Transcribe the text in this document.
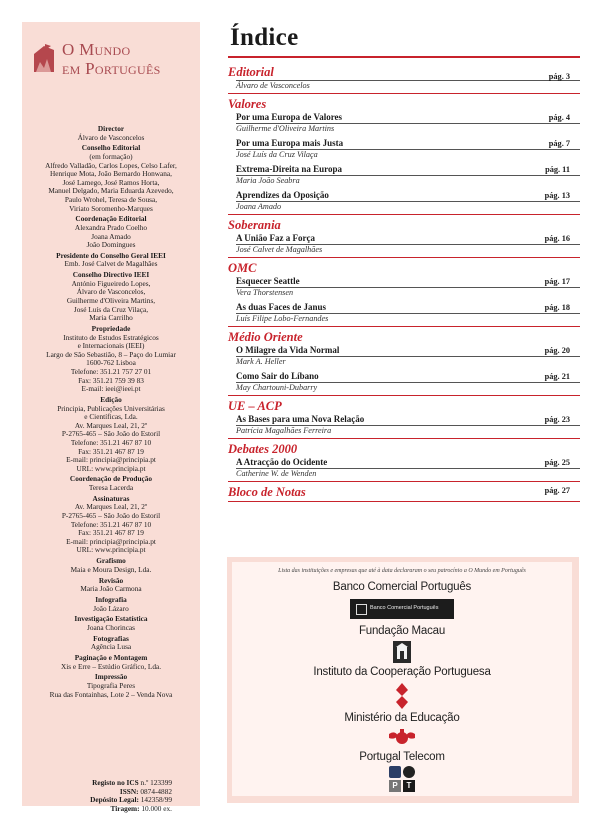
O Mundo
em Português
Director
Álvaro de Vasconcelos
Conselho Editorial
(em formação)
Alfredo Valladão, Carlos Lopes, Celso Lafer,
Henrique Mota, João Bernardo Honwana,
José Lamego, José Ramos Horta,
Manuel Delgado, Maria Eduarda Azevedo,
Paulo Wrohel, Teresa de Sousa,
Viriato Soromenho-Marques
Coordenação Editorial
Alexandra Prado Coelho
Joana Amado
João Domingues
Presidente do Conselho Geral IEEI
Emb. José Calvet de Magalhães
Conselho Directivo IEEI
António Figueiredo Lopes,
Álvaro de Vasconcelos,
Guilherme d'Oliveira Martins,
José Luís da Cruz Vilaça,
Maria Carrilho
Propriedade
Instituto de Estudos Estratégicos
e Internacionais (IEEI)
Largo de São Sebastião, 8 – Paço do Lumiar
1600-762 Lisboa
Telefone: 351.21 757 27 01
Fax: 351.21 759 39 83
E-mail: ieei@ieei.pt
Edição
Principia, Publicações Universitárias
e Científicas, Lda.
Av. Marques Leal, 21, 2º
P-2765-465 – São João do Estoril
Telefone: 351.21 467 87 10
Fax: 351.21 467 87 19
E-mail: principia@principia.pt
URL: www.principia.pt
Coordenação de Produção
Teresa Lacerda
Assinaturas
Av. Marques Leal, 21, 2º
P-2765-465 – São João do Estoril
Telefone: 351.21 467 87 10
Fax: 351.21 467 87 19
E-mail: principia@principia.pt
URL: www.principia.pt
Grafismo
Maia e Moura Design, Lda.
Revisão
Maria João Carmona
Infografia
João Lázaro
Investigação Estatística
Joana Chorincas
Fotografias
Agência Lusa
Paginação e Montagem
Xis e Erre – Estúdio Gráfico, Lda.
Impressão
Tipografia Peres
Rua das Fontainhas, Lote 2 – Venda Nova
Registo no ICS n.º 123399
ISSN: 0874-4882
Depósito Legal: 142358/99
Tiragem: 10.000 ex.
Índice
Editorial
Álvaro de Vasconcelos
pág. 3
Valores
Por uma Europa de Valores
Guilherme d'Oliveira Martins
pág. 4
Por uma Europa mais Justa
José Luís da Cruz Vilaça
pág. 7
Extrema-Direita na Europa
Maria João Seabra
pág. 11
Aprendizes da Oposição
Joana Amado
pág. 13
Soberania
A União Faz a Força
José Calvet de Magalhães
pág. 16
OMC
Esquecer Seattle
Vera Thorstensen
pág. 17
As duas Faces de Janus
Luís Filipe Lobo-Fernandes
pág. 18
Médio Oriente
O Milagre da Vida Normal
Mark A. Heller
pág. 20
Como Sair do Líbano
May Chartouni-Dubarry
pág. 21
UE – ACP
As Bases para uma Nova Relação
Patrícia Magalhães Ferreira
pág. 23
Debates 2000
A Atracção do Ocidente
Catherine W. de Wenden
pág. 25
Bloco de Notas	pág. 27
Lista das instituições e empresas que até à data declararam o seu patrocínio a O Mundo em Português
Banco Comercial Português
Banco Comercial Português
Fundação Macau
Instituto da Cooperação Portuguesa
Ministério da Educação
Portugal Telecom
P	T
